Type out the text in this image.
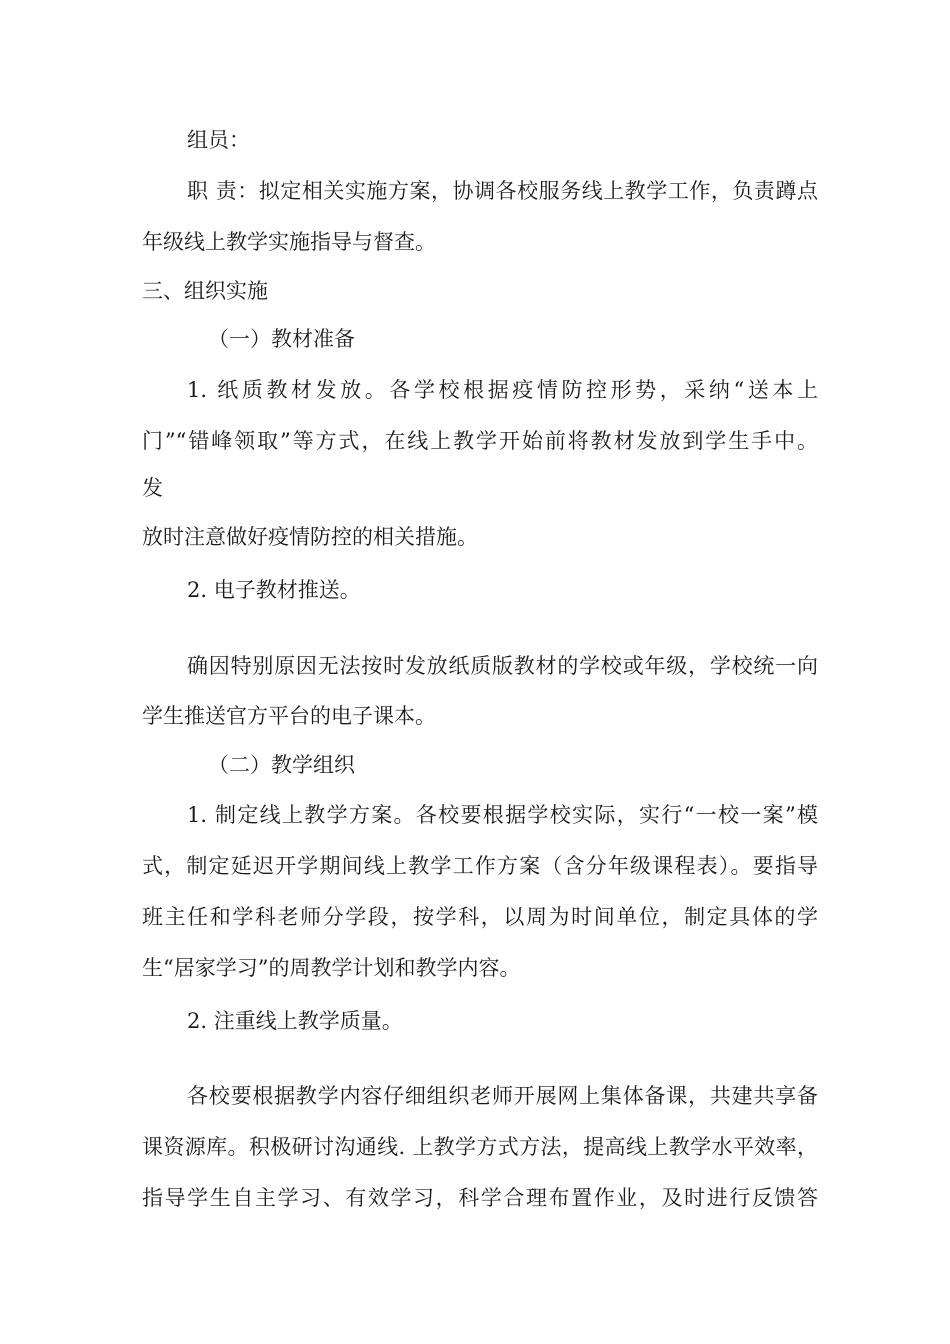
组员：
职 责：拟定相关实施方案，协调各校服务线上教学工作，负责蹲点
年级线上教学实施指导与督查。
三、组织实施
（一）教材准备
1. 纸质教材发放。各学校根据疫情防控形势，采纳“送本上
门”“错峰领取”等方式，在线上教学开始前将教材发放到学生手中。
发
放时注意做好疫情防控的相关措施。
2. 电子教材推送。
确因特别原因无法按时发放纸质版教材的学校或年级，学校统一向
学生推送官方平台的电子课本。
（二）教学组织
1. 制定线上教学方案。各校要根据学校实际，实行“一校一案”模
式，制定延迟开学期间线上教学工作方案（含分年级课程表）。要指导
班主任和学科老师分学段，按学科，以周为时间单位，制定具体的学
生“居家学习”的周教学计划和教学内容。
2. 注重线上教学质量。
各校要根据教学内容仔细组织老师开展网上集体备课，共建共享备
课资源库。积极研讨沟通线. 上教学方式方法，提高线上教学水平效率，
指导学生自主学习、有效学习，科学合理布置作业，及时进行反馈答
